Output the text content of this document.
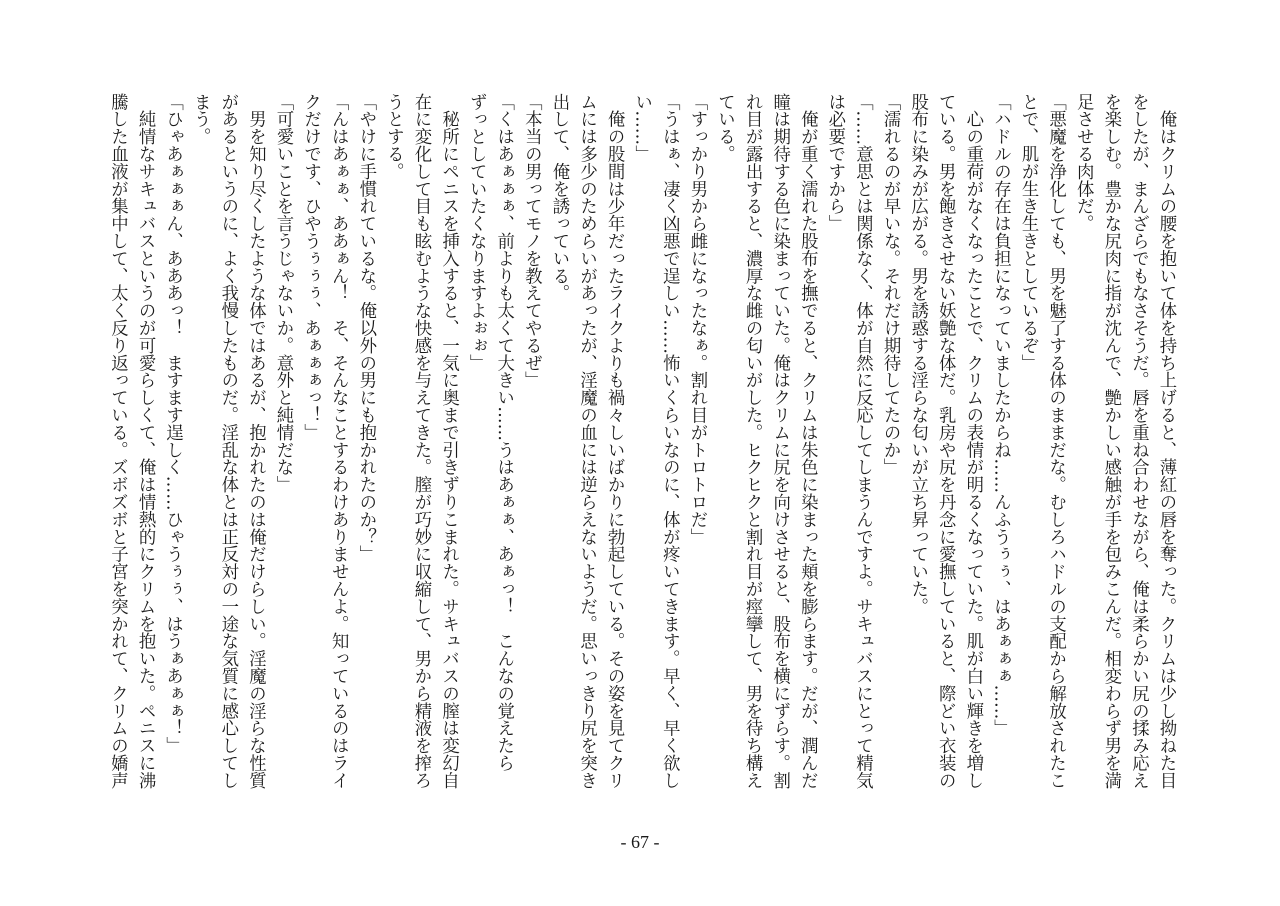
　俺はクリムの腰を抱いて体を持ち上げると、薄紅の唇を奪った。クリムは少し拗ねた目
をしたが、まんざらでもなさそうだ。唇を重ね合わせながら、俺は柔らかい尻の揉み応え
を楽しむ。豊かな尻肉に指が沈んで、艶かしい感触が手を包みこんだ。相変わらず男を満
足させる肉体だ。
「悪魔を浄化しても、男を魅了する体のままだな。むしろハドルの支配から解放されたこ
とで、肌が生き生きとしているぞ」
「ハドルの存在は負担になっていましたからね……んふうぅぅ、はあぁぁぁ……」
　心の重荷がなくなったことで、クリムの表情が明るくなっていた。肌が白い輝きを増し
ている。男を飽きさせない妖艶な体だ。乳房や尻を丹念に愛撫していると、際どい衣装の
股布に染みが広がる。男を誘惑する淫らな匂いが立ち昇っていた。
「濡れるのが早いな。それだけ期待してたのか」
「……意思とは関係なく、体が自然に反応してしまうんですよ。サキュバスにとって精気
は必要ですから」
　俺が重く濡れた股布を撫でると、クリムは朱色に染まった頬を膨らます。だが、潤んだ
瞳は期待する色に染まっていた。俺はクリムに尻を向けさせると、股布を横にずらす。割
れ目が露出すると、濃厚な雌の匂いがした。ヒクヒクと割れ目が痙攣して、男を待ち構え
ている。
「すっかり男から雌になったなぁ。割れ目がトロトロだ」
「うはぁ、凄く凶悪で逞しい……怖いくらいなのに、体が疼いてきます。早く、早く欲し
い……」
　俺の股間は少年だったライクよりも禍々しいばかりに勃起している。その姿を見てクリ
ムには多少のためらいがあったが、淫魔の血には逆らえないようだ。思いっきり尻を突き
出して、俺を誘っている。
「本当の男ってモノを教えてやるぜ」
「くはあぁぁぁ、前よりも太くて大きい……うはあぁぁ、あぁっ！　こんなの覚えたら
ずっとしていたくなりますよぉぉ」
　秘所にペニスを挿入すると、一気に奥まで引きずりこまれた。サキュバスの膣は変幻自
在に変化して目も眩むような快感を与えてきた。膣が巧妙に収縮して、男から精液を搾ろ
うとする。
「やけに手慣れているな。俺以外の男にも抱かれたのか？」
「んはあぁぁ、ああぁん！　そ、そんなことするわけありませんよ。知っているのはライ
クだけです、ひやうぅぅぅ、あぁぁぁっ！」
「可愛いことを言うじゃないか。意外と純情だな」
　男を知り尽くしたような体ではあるが、抱かれたのは俺だけらしい。淫魔の淫らな性質
があるというのに、よく我慢したものだ。淫乱な体とは正反対の一途な気質に感心してし
まう。
「ひゃあぁぁぁん、あああっ！　ますます逞しく……ひゃうぅぅ、はうぁあぁぁ！」
　純情なサキュバスというのが可愛らしくて、俺は情熱的にクリムを抱いた。ペニスに沸
騰した血液が集中して、太く反り返っている。ズボズボと子宮を突かれて、クリムの嬌声
- 67 -
